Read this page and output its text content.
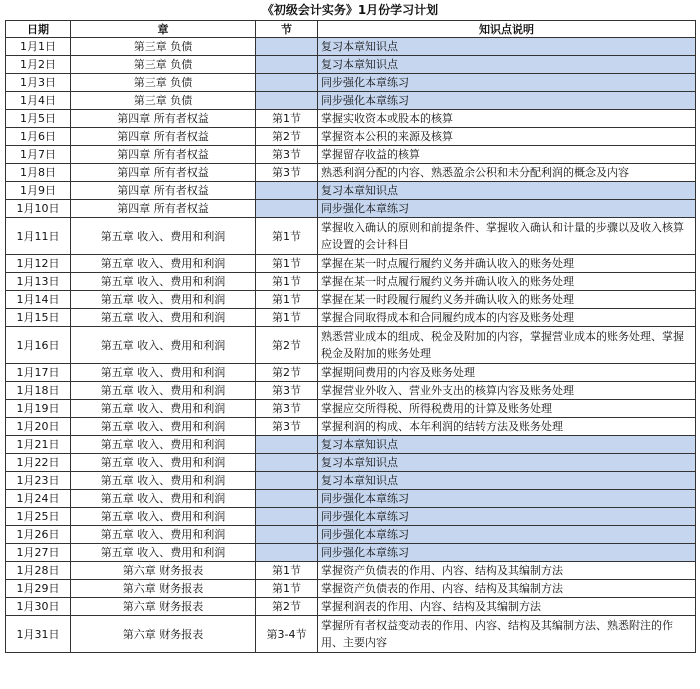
《初级会计实务》1月份学习计划
日期	章	节	知识点说明
1月1日	第三章 负债		复习本章知识点
1月2日	第三章 负债		复习本章知识点
1月3日	第三章 负债		同步强化本章练习
1月4日	第三章 负债		同步强化本章练习
1月5日	第四章 所有者权益	第1节	掌握实收资本或股本的核算
1月6日	第四章 所有者权益	第2节	掌握资本公积的来源及核算
1月7日	第四章 所有者权益	第3节	掌握留存收益的核算
1月8日	第四章 所有者权益	第3节	熟悉利润分配的内容、熟悉盈余公积和未分配利润的概念及内容
1月9日	第四章 所有者权益		复习本章知识点
1月10日	第四章 所有者权益		同步强化本章练习
1月11日	第五章 收入、费用和利润	第1节	掌握收入确认的原则和前提条件、掌握收入确认和计量的步骤以及收入核算应设置的会计科目
1月12日	第五章 收入、费用和利润	第1节	掌握在某一时点履行履约义务并确认收入的账务处理
1月13日	第五章 收入、费用和利润	第1节	掌握在某一时点履行履约义务并确认收入的账务处理
1月14日	第五章 收入、费用和利润	第1节	掌握在某一时段履行履约义务并确认收入的账务处理
1月15日	第五章 收入、费用和利润	第1节	掌握合同取得成本和合同履约成本的内容及账务处理
1月16日	第五章 收入、费用和利润	第2节	熟悉营业成本的组成、税金及附加的内容，掌握营业成本的账务处理、掌握税金及附加的账务处理
1月17日	第五章 收入、费用和利润	第2节	掌握期间费用的内容及账务处理
1月18日	第五章 收入、费用和利润	第3节	掌握营业外收入、营业外支出的核算内容及账务处理
1月19日	第五章 收入、费用和利润	第3节	掌握应交所得税、所得税费用的计算及账务处理
1月20日	第五章 收入、费用和利润	第3节	掌握利润的构成、本年利润的结转方法及账务处理
1月21日	第五章 收入、费用和利润		复习本章知识点
1月22日	第五章 收入、费用和利润		复习本章知识点
1月23日	第五章 收入、费用和利润		复习本章知识点
1月24日	第五章 收入、费用和利润		同步强化本章练习
1月25日	第五章 收入、费用和利润		同步强化本章练习
1月26日	第五章 收入、费用和利润		同步强化本章练习
1月27日	第五章 收入、费用和利润		同步强化本章练习
1月28日	第六章 财务报表	第1节	掌握资产负债表的作用、内容、结构及其编制方法
1月29日	第六章 财务报表	第1节	掌握资产负债表的作用、内容、结构及其编制方法
1月30日	第六章 财务报表	第2节	掌握利润表的作用、内容、结构及其编制方法
1月31日	第六章 财务报表	第3-4节	掌握所有者权益变动表的作用、内容、结构及其编制方法、熟悉附注的作用、主要内容
